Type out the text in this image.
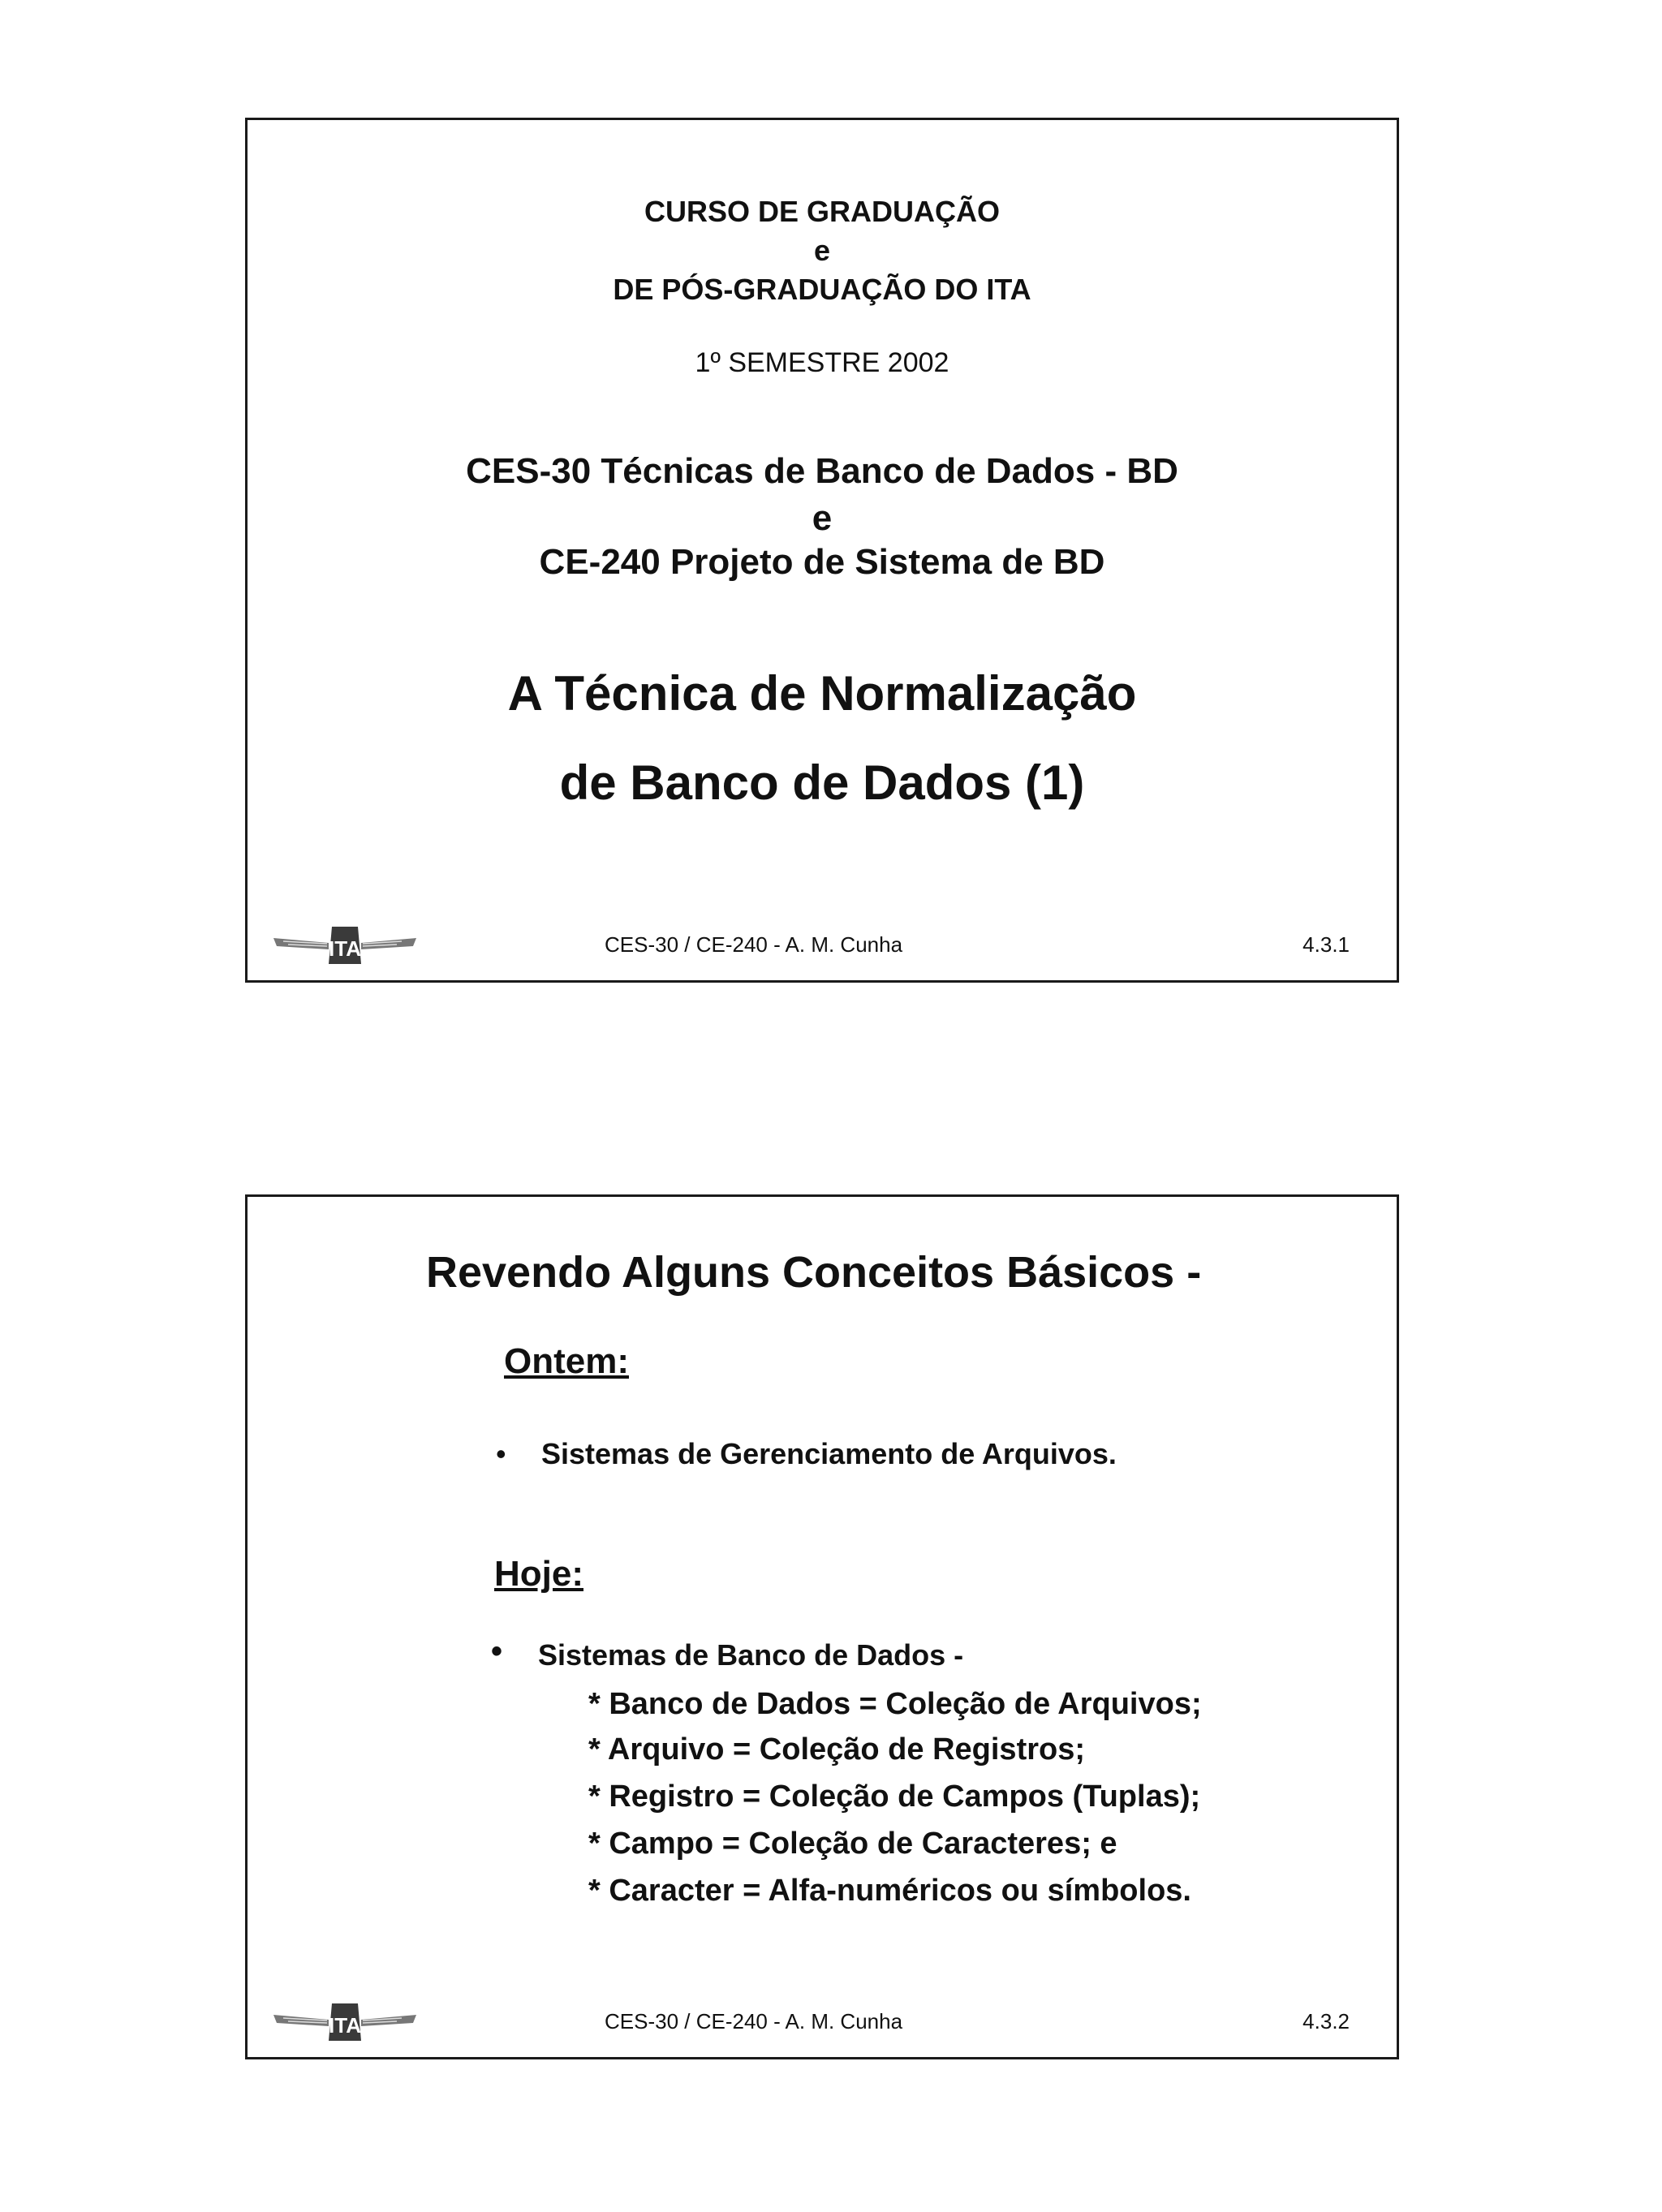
CURSO DE GRADUAÇÃO
e
DE PÓS-GRADUAÇÃO DO ITA
1º SEMESTRE 2002
CES-30 Técnicas de Banco de Dados - BD
e
CE-240 Projeto de Sistema de BD
A Técnica de Normalização
de Banco de Dados (1)
ITA	CES-30 / CE-240 - A. M. Cunha	4.3.1
Revendo Alguns Conceitos Básicos -
Ontem:
• Sistemas de Gerenciamento de Arquivos.
Hoje:
• Sistemas de Banco de Dados -
* Banco de Dados = Coleção de Arquivos;
* Arquivo = Coleção de Registros;
* Registro = Coleção de Campos (Tuplas);
* Campo = Coleção de Caracteres; e
* Caracter = Alfa-numéricos ou símbolos.
ITA	CES-30 / CE-240 - A. M. Cunha	4.3.2
